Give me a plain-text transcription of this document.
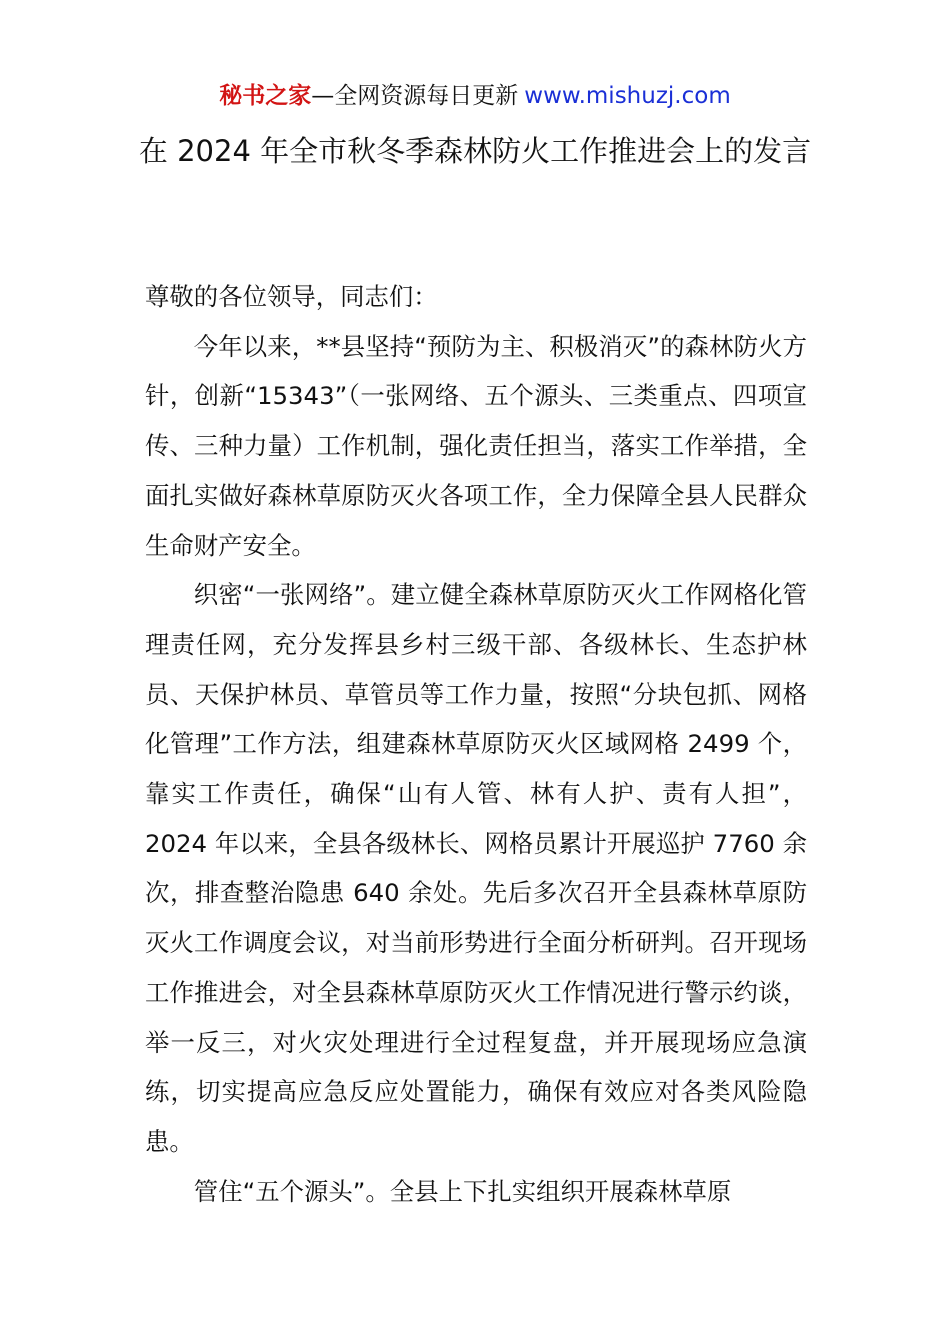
秘书之家—全网资源每日更新 www.mishuzj.com
在 2024 年全市秋冬季森林防火工作推进会上的发言

尊敬的各位领导，同志们：

今年以来，**县坚持“预防为主、积极消灭”的森林防火方针，创新“15343”（一张网络、五个源头、三类重点、四项宣传、三种力量）工作机制，强化责任担当，落实工作举措，全面扎实做好森林草原防灭火各项工作，全力保障全县人民群众生命财产安全。

织密“一张网络”。建立健全森林草原防灭火工作网格化管理责任网，充分发挥县乡村三级干部、各级林长、生态护林员、天保护林员、草管员等工作力量，按照“分块包抓、网格化管理”工作方法，组建森林草原防灭火区域网格 2499 个，靠实工作责任，确保“山有人管、林有人护、责有人担”，2024 年以来，全县各级林长、网格员累计开展巡护 7760 余次，排查整治隐患 640 余处。先后多次召开全县森林草原防灭火工作调度会议，对当前形势进行全面分析研判。召开现场工作推进会，对全县森林草原防灭火工作情况进行警示约谈，举一反三，对火灾处理进行全过程复盘，并开展现场应急演练，切实提高应急反应处置能力，确保有效应对各类风险隐患。

管住“五个源头”。全县上下扎实组织开展森林草原
